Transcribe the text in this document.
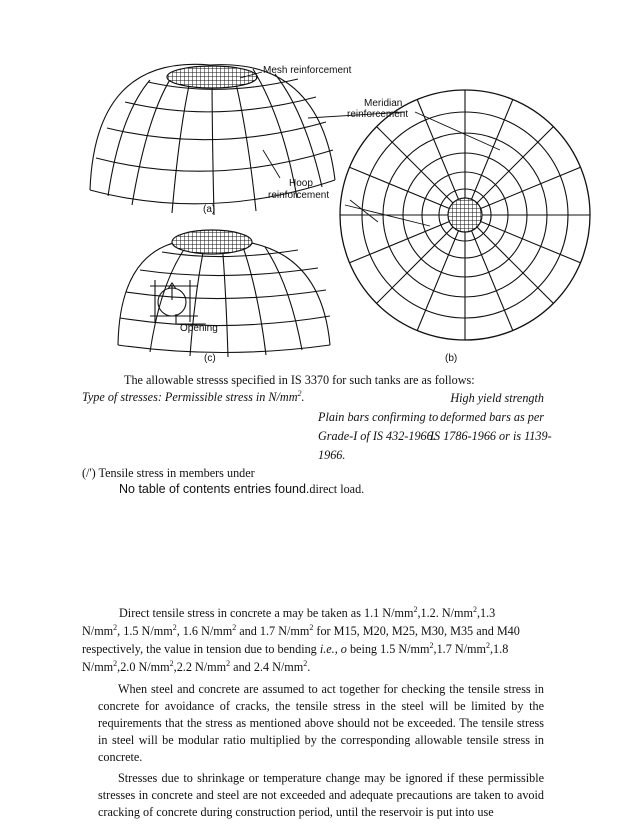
Mesh reinforcement
Meridian
reinforcement
Hoop
reinforcement
(a)
Opening
(c)	(b)

The allowable stresss specified in IS 3370 for such tanks are as follows:

Type of stresses: Permissible stress in $N/mm^2$.	High yield strength

deformed bars as per

IS 1786-1966 or is 1139-

1966.

Plain bars confirming to

Grade-I of IS 432-1966.

(/') Tensile stress in members under

No table of contents entries found.direct load.

Direct tensile stress in concrete a may be taken as 1.1 $N/mm^2,1.2$. $N/mm^2,1.3$

$N/mm^2$, 1.5 $N/mm^2$, 1.6 $N/mm^2$ and 1.7 $N/mm^2$ for M15, M20, M25, M30, M35 and M40

respectively, the value in tension due to bending i.e., o being 1.5 $N/mm^2,1.7$ $N/mm^2,1.8$

$N/mm^2,2.0$ $N/mm^2,2.2$ $N/mm^2$ and 2.4 $N/mm^2$.

When steel and concrete are assumed to act together for checking the tensile stress in concrete for avoidance of cracks, the tensile stress in the steel will be limited by the requirements that the stress as mentioned above should not be exceeded. The tensile stress in steel will be modular ratio multiplied by the corresponding allowable tensile stress in concrete.

Stresses due to shrinkage or temperature change may be ignored if these permissible stresses in concrete and steel are not exceeded and adequate precautions are taken to avoid cracking of concrete during construction period, until the reservoir is put into use
